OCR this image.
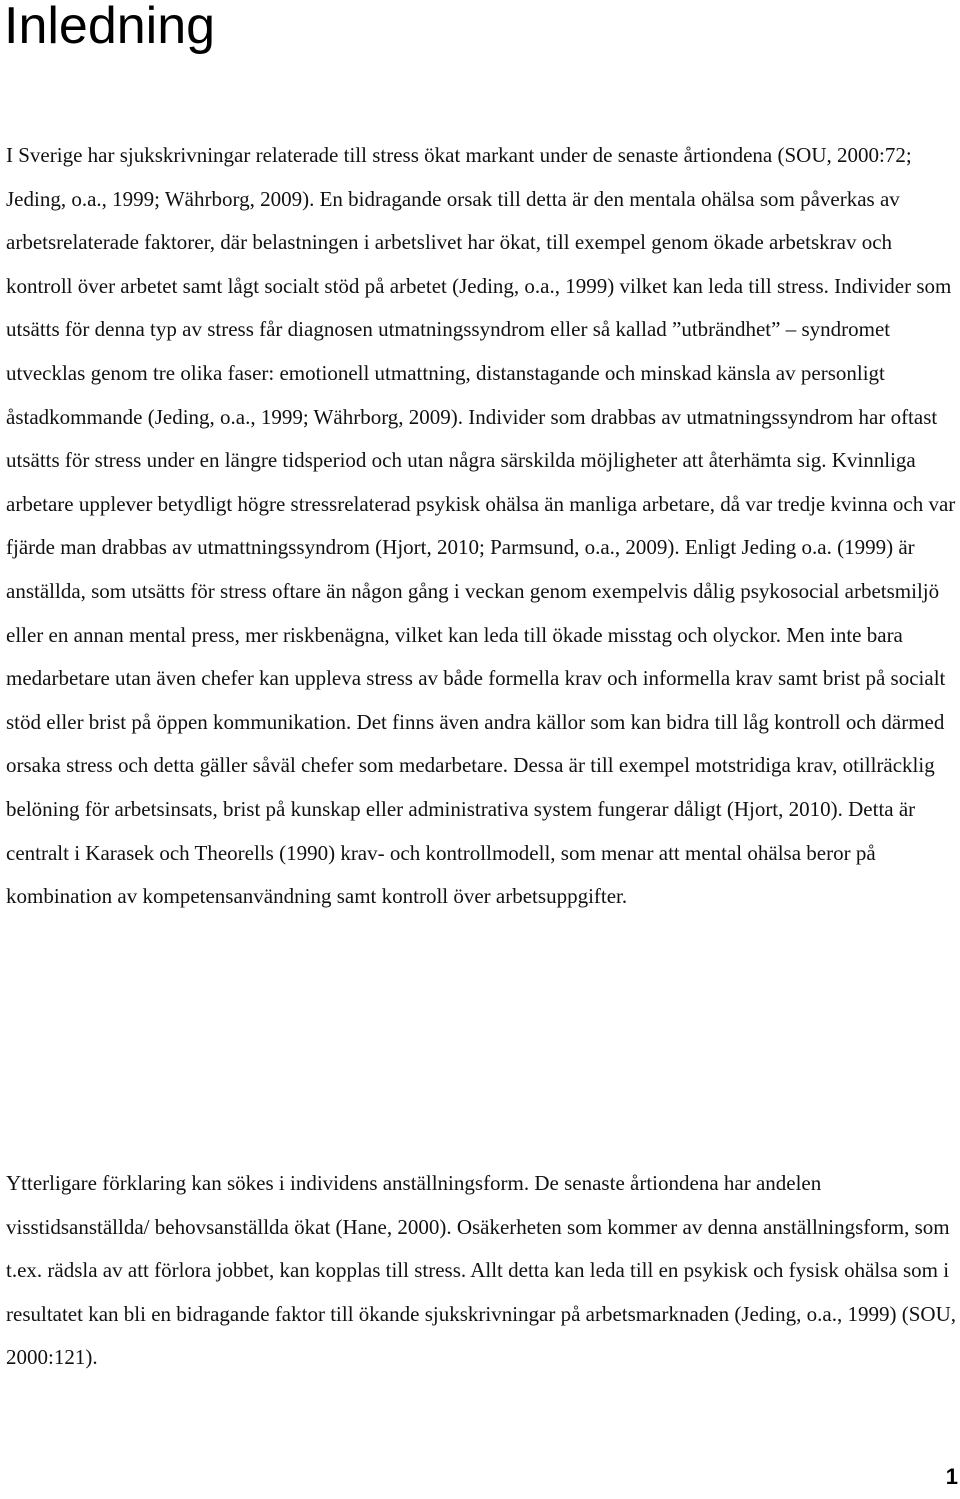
Inledning

I Sverige har sjukskrivningar relaterade till stress ökat markant under de senaste årtiondena (SOU, 2000:72; Jeding, o.a., 1999; Währborg, 2009). En bidragande orsak till detta är den mentala ohälsa som påverkas av arbetsrelaterade faktorer, där belastningen i arbetslivet har ökat, till exempel genom ökade arbetskrav och kontroll över arbetet samt lågt socialt stöd på arbetet (Jeding, o.a., 1999) vilket kan leda till stress. Individer som utsätts för denna typ av stress får diagnosen utmatningssyndrom eller så kallad ”utbrändhet” – syndromet utvecklas genom tre olika faser: emotionell utmattning, distanstagande och minskad känsla av personligt åstadkommande (Jeding, o.a., 1999; Währborg, 2009). Individer som drabbas av utmatningssyndrom har oftast utsätts för stress under en längre tidsperiod och utan några särskilda möjligheter att återhämta sig. Kvinnliga arbetare upplever betydligt högre stressrelaterad psykisk ohälsa än manliga arbetare, då var tredje kvinna och var fjärde man drabbas av utmattningssyndrom (Hjort, 2010; Parmsund, o.a., 2009). Enligt Jeding o.a. (1999) är anställda, som utsätts för stress oftare än någon gång i veckan genom exempelvis dålig psykosocial arbetsmiljö eller en annan mental press, mer riskbenägna, vilket kan leda till ökade misstag och olyckor. Men inte bara medarbetare utan även chefer kan uppleva stress av både formella krav och informella krav samt brist på socialt stöd eller brist på öppen kommunikation. Det finns även andra källor som kan bidra till låg kontroll och därmed orsaka stress och detta gäller såväl chefer som medarbetare. Dessa är till exempel motstridiga krav, otillräcklig belöning för arbetsinsats, brist på kunskap eller administrativa system fungerar dåligt (Hjort, 2010). Detta är centralt i Karasek och Theorells (1990) krav- och kontrollmodell, som menar att mental ohälsa beror på kombination av kompetensanvändning samt kontroll över arbetsuppgifter.

Ytterligare förklaring kan sökes i individens anställningsform. De senaste årtiondena har andelen visstidsanställda/ behovsanställda ökat (Hane, 2000). Osäkerheten som kommer av denna anställningsform, som t.ex. rädsla av att förlora jobbet, kan kopplas till stress. Allt detta kan leda till en psykisk och fysisk ohälsa som i resultatet kan bli en bidragande faktor till ökande sjukskrivningar på arbetsmarknaden (Jeding, o.a., 1999) (SOU, 2000:121).

1
